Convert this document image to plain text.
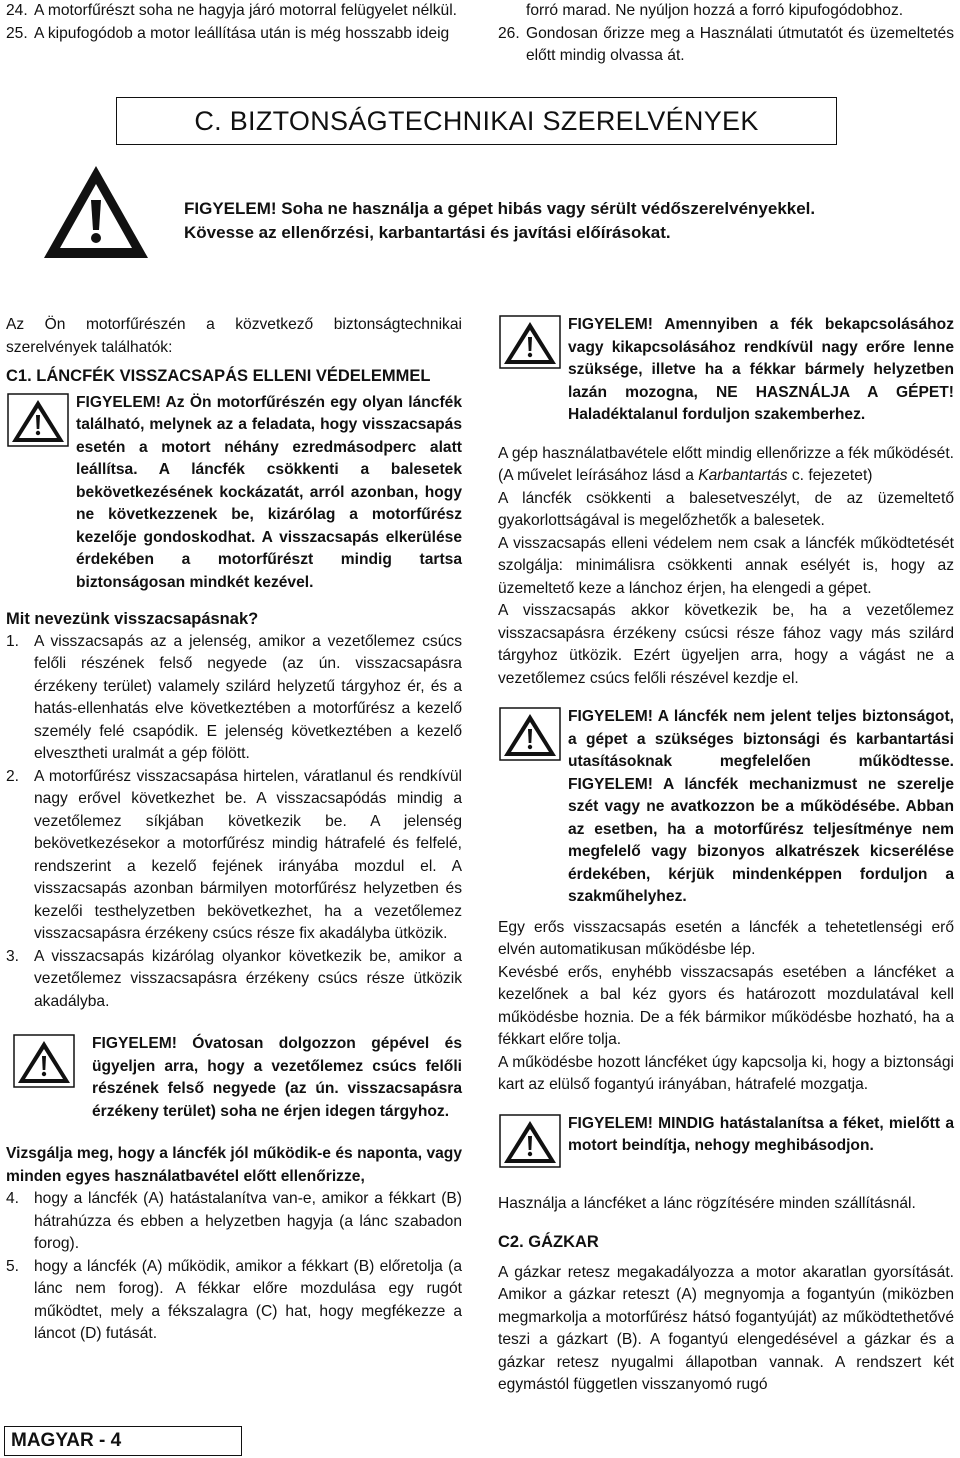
24. A motorfűrészt soha ne hagyja járó motorral felügyelet nélkül.
25. A kipufogódob a motor leállítása után is még hosszabb ideig
forró marad. Ne nyúljon hozzá a forró kipufogódobhoz.
26. Gondosan őrizze meg a Használati útmutatót és üzemeltetés előtt mindig olvassa át.
C. BIZTONSÁGTECHNIKAI SZERELVÉNYEK
FIGYELEM! Soha ne használja a gépet hibás vagy sérült védőszerelvényekkel.
Kövesse az ellenőrzési, karbantartási és javítási előírásokat.

Az Ön motorfűrészén a közvetkező biztonságtechnikai szerelvények találhatók:

C1. LÁNCFÉK VISSZACSAPÁS ELLENI VÉDELEMMEL
FIGYELEM! Az Ön motorfűrészén egy olyan láncfék található, melynek az a feladata, hogy visszacsapás esetén a motort néhány ezredmásodperc alatt leállítsa. A láncfék csökkenti a balesetek bekövetkezésének kockázatát, arról azonban, hogy ne következzenek be, kizárólag a motorfűrész kezelője gondoskodhat. A visszacsapás elkerülése érdekében a motorfűrészt mindig tartsa biztonságosan mindkét kezével.
Mit nevezünk visszacsapásnak?
1. A visszacsapás az a jelenség, amikor a vezetőlemez csúcs felőli részének felső negyede (az ún. visszacsapásra érzékeny terület) valamely szilárd helyzetű tárgyhoz ér, és a hatás-ellenhatás elve következtében a motorfűrész a kezelő személy felé csapódik. E jelenség következtében a kezelő elvesztheti uralmát a gép fölött.
2. A motorfűrész visszacsapása hirtelen, váratlanul és rendkívül nagy erővel következhet be. A visszacsapódás mindig a vezetőlemez síkjában következik be. A jelenség bekövetkezésekor a motorfűrész mindig hátrafelé és felfelé, rendszerint a kezelő fejének irányába mozdul el. A visszacsapás azonban bármilyen motorfűrész helyzetben és kezelői testhelyzetben bekövetkezhet, ha a vezetőlemez visszacsapásra érzékeny csúcs része fix akadályba ütközik.
3. A visszacsapás kizárólag olyankor következik be, amikor a vezetőlemez visszacsapásra érzékeny csúcs része ütközik akadályba.
FIGYELEM! Óvatosan dolgozzon gépével és ügyeljen arra, hogy a vezetőlemez csúcs felőli részének felső negyede (az ún. visszacsapásra érzékeny terület) soha ne érjen idegen tárgyhoz.

Vizsgálja meg, hogy a láncfék jól működik-e és naponta, vagy minden egyes használatbavétel előtt ellenőrizze,

4. hogy a láncfék (A) hatástalanítva van-e, amikor a fékkart (B) hátrahúzza és ebben a helyzetben hagyja (a lánc szabadon forog).
5. hogy a láncfék (A) működik, amikor a fékkart (B) előretolja (a lánc nem forog). A fékkar előre mozdulása egy rugót működtet, mely a fékszalagra (C) hat, hogy megfékezze a láncot (D) futását.
FIGYELEM! Amennyiben a fék bekapcsolásához vagy kikapcsolásához rendkívül nagy erőre lenne szüksége, illetve ha a fékkar bármely helyzetben lazán mozogna, NE HASZNÁLJA A GÉPET! Haladéktalanul forduljon szakemberhez.

A gép használatbavétele előtt mindig ellenőrizze a fék működését. (A művelet leírásához lásd a Karbantartás c. fejezetet)

A láncfék csökkenti a balesetveszélyt, de az üzemeltető gyakorlottságával is megelőzhetők a balesetek.

A visszacsapás elleni védelem nem csak a láncfék működtetését szolgálja: minimálisra csökkenti annak esélyét is, hogy az üzemeltető keze a lánchoz érjen, ha elengedi a gépet.

A visszacsapás akkor következik be, ha a vezetőlemez visszacsapásra érzékeny csúcsi része fához vagy más szilárd tárgyhoz ütközik. Ezért ügyeljen arra, hogy a vágást ne a vezetőlemez csúcs felőli részével kezdje el.

FIGYELEM! A láncfék nem jelent teljes biztonságot, a gépet a szükséges biztonsági és karbantartási utasításoknak megfelelően működtesse. FIGYELEM! A láncfék mechanizmust ne szerelje szét vagy ne avatkozzon be a működésébe. Abban az esetben, ha a motorfűrész teljesítménye nem megfelelő vagy bizonyos alkatrészek kicserélése érdekében, kérjük mindenképpen forduljon a szakműhelyhez.

Egy erős visszacsapás esetén a láncfék a tehetetlenségi erő elvén automatikusan működésbe lép.

Kevésbé erős, enyhébb visszacsapás esetében a láncféket a kezelőnek a bal kéz gyors és határozott mozdulatával kell működésbe hoznia. De a fék bármikor működésbe hozható, ha a fékkart előre tolja.

A működésbe hozott láncféket úgy kapcsolja ki, hogy a biztonsági kart az elülső fogantyú irányában, hátrafelé mozgatja.

FIGYELEM! MINDIG hatástalanítsa a féket, mielőtt a motort beindítja, nehogy meghibásodjon.

Használja a láncféket a lánc rögzítésére minden szállításnál.

C2. GÁZKAR

A gázkar retesz megakadályozza a motor akaratlan gyorsítását. Amikor a gázkar reteszt (A) megnyomja a fogantyún (miközben megmarkolja a motorfűrész hátsó fogantyúját) az működtethetővé teszi a gázkart (B). A fogantyú elengedésével a gázkar és a gázkar retesz nyugalmi állapotban vannak. A rendszert két egymástól független visszanyomó rugó

MAGYAR - 4
